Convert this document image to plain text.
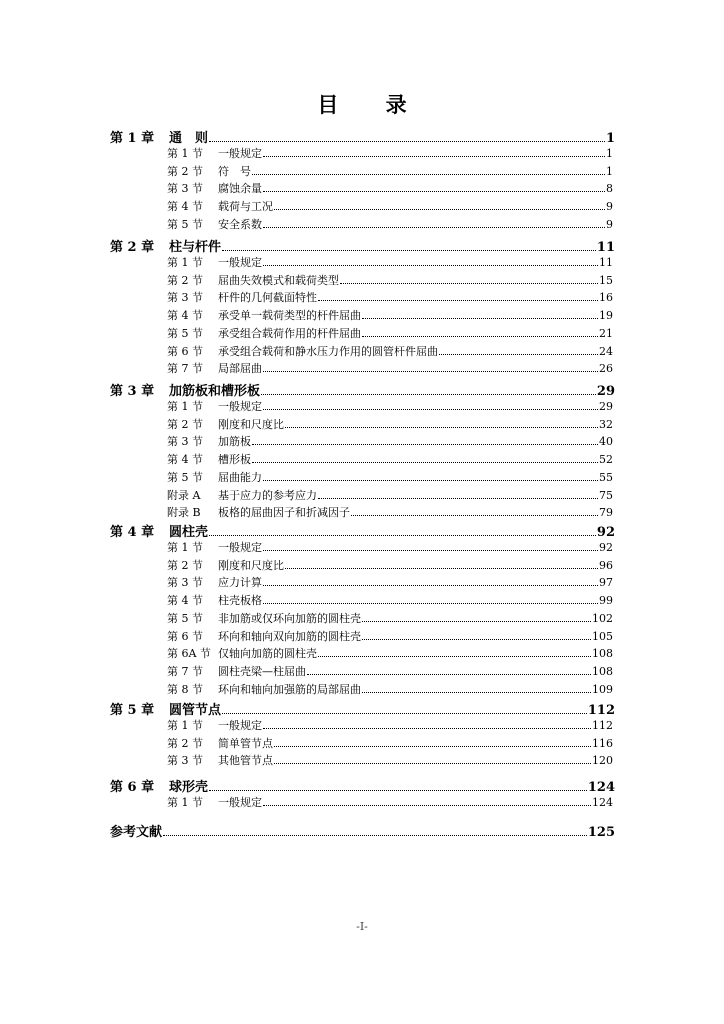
目 录
第 1 章	通　则	1
第 1 节	一般规定	1
第 2 节	符　号	1
第 3 节	腐蚀余量	8
第 4 节	载荷与工况	9
第 5 节	安全系数	9
第 2 章	柱与杆件	11
第 1 节	一般规定	11
第 2 节	屈曲失效模式和载荷类型	15
第 3 节	杆件的几何截面特性	16
第 4 节	承受单一载荷类型的杆件屈曲	19
第 5 节	承受组合载荷作用的杆件屈曲	21
第 6 节	承受组合载荷和静水压力作用的圆管杆件屈曲	24
第 7 节	局部屈曲	26
第 3 章	加筋板和槽形板	29
第 1 节	一般规定	29
第 2 节	刚度和尺度比	32
第 3 节	加筋板	40
第 4 节	槽形板	52
第 5 节	屈曲能力	55
附录 A	基于应力的参考应力	75
附录 B	板格的屈曲因子和折减因子	79
第 4 章	圆柱壳	92
第 1 节	一般规定	92
第 2 节	刚度和尺度比	96
第 3 节	应力计算	97
第 4 节	柱壳板格	99
第 5 节	非加筋或仅环向加筋的圆柱壳	102
第 6 节	环向和轴向双向加筋的圆柱壳	105
第 6A 节 仅轴向加筋的圆柱壳	108
第 7 节	圆柱壳梁—柱屈曲	108
第 8 节	环向和轴向加强筋的局部屈曲	109
第 5 章	圆管节点	112
第 1 节	一般规定	112
第 2 节	简单管节点	116
第 3 节	其他管节点	120
第 6 章	球形壳	124
第 1 节	一般规定	124
参考文献	125
-I-
